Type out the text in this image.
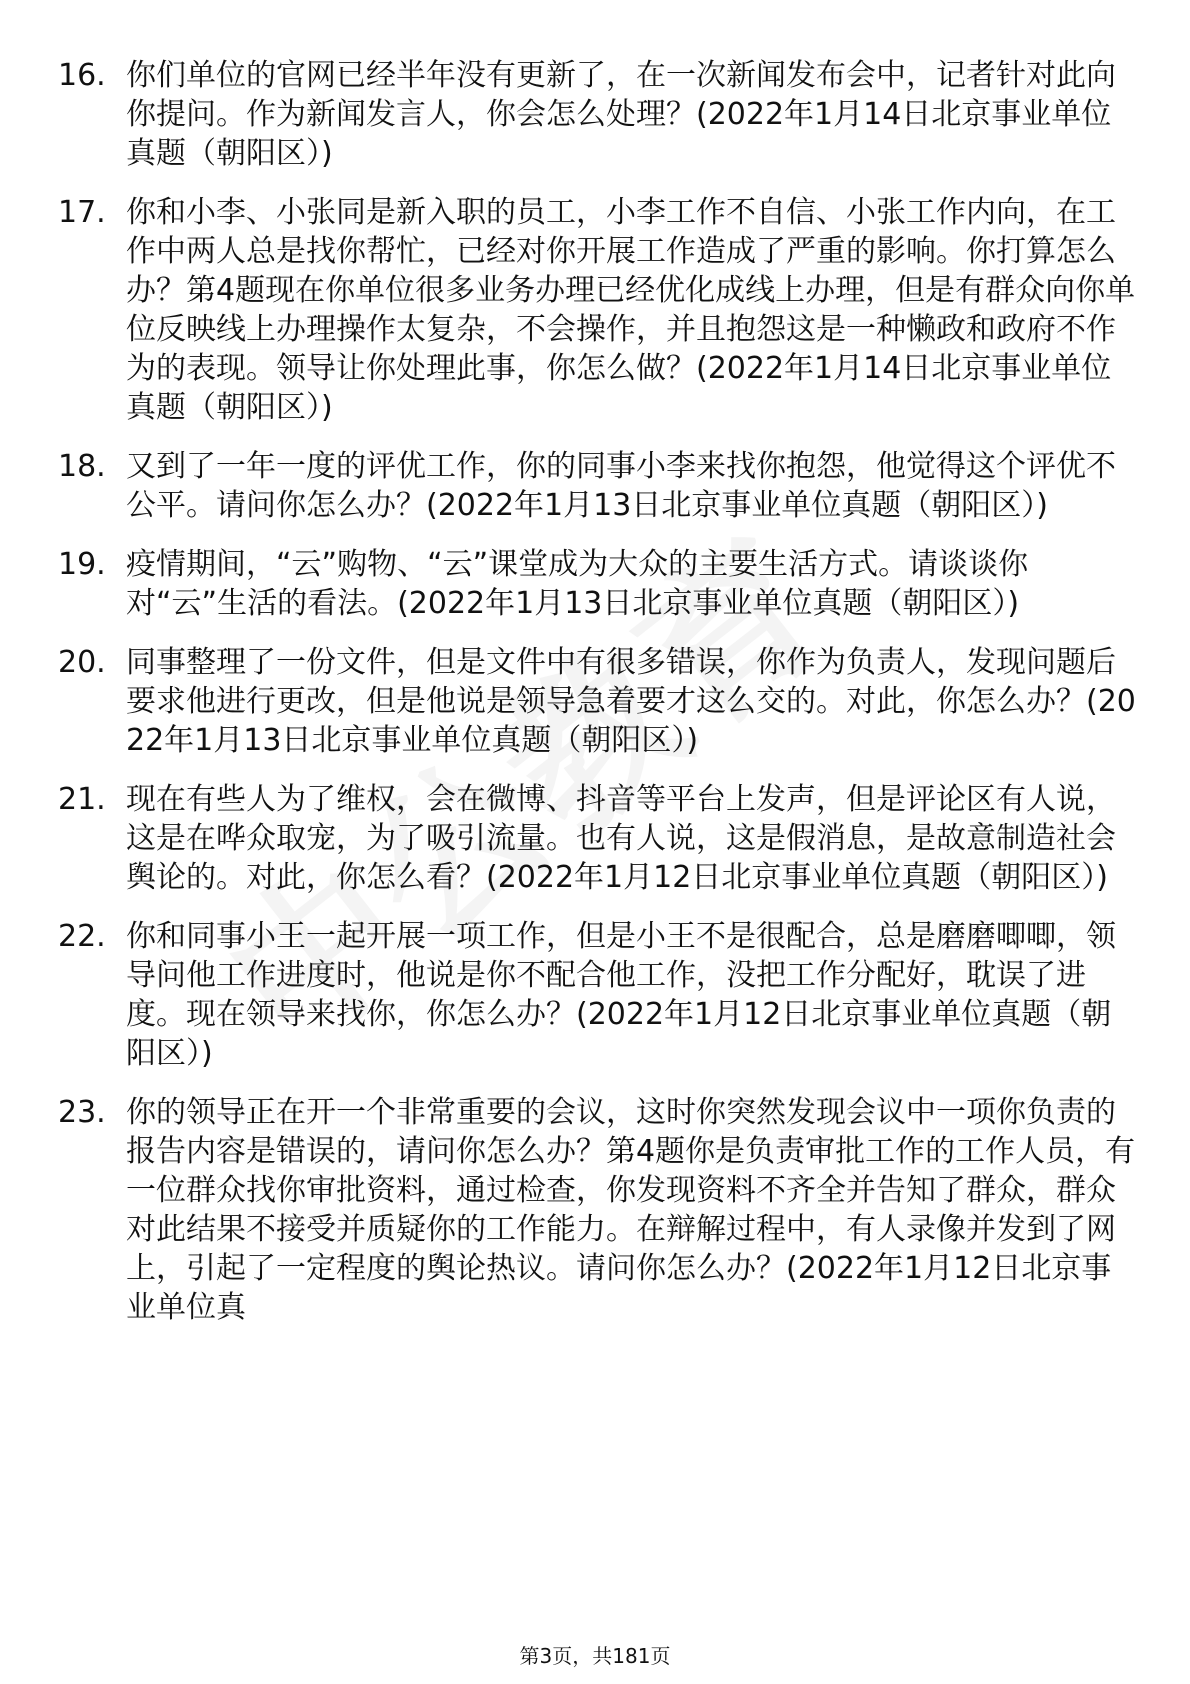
16. 你们单位的官网已经半年没有更新了，在一次新闻发布会中，记者针对此向你提问。作为新闻发言人，你会怎么处理？(2022年1月14日北京事业单位真题（朝阳区）)
17. 你和小李、小张同是新入职的员工，小李工作不自信、小张工作内向，在工作中两人总是找你帮忙，已经对你开展工作造成了严重的影响。你打算怎么办？第4题现在你单位很多业务办理已经优化成线上办理，但是有群众向你单位反映线上办理操作太复杂，不会操作，并且抱怨这是一种懒政和政府不作为的表现。领导让你处理此事，你怎么做？(2022年1月14日北京事业单位真题（朝阳区）)
18. 又到了一年一度的评优工作，你的同事小李来找你抱怨，他觉得这个评优不公平。请问你怎么办？(2022年1月13日北京事业单位真题（朝阳区）)
19. 疫情期间，“云”购物、“云”课堂成为大众的主要生活方式。请谈谈你对“云”生活的看法。(2022年1月13日北京事业单位真题（朝阳区）)
20. 同事整理了一份文件，但是文件中有很多错误，你作为负责人，发现问题后要求他进行更改，但是他说是领导急着要才这么交的。对此，你怎么办？(2022年1月13日北京事业单位真题（朝阳区）)
21. 现在有些人为了维权，会在微博、抖音等平台上发声，但是评论区有人说，这是在哗众取宠，为了吸引流量。也有人说，这是假消息，是故意制造社会舆论的。对此，你怎么看？(2022年1月12日北京事业单位真题（朝阳区）)
22. 你和同事小王一起开展一项工作，但是小王不是很配合，总是磨磨唧唧，领导问他工作进度时，他说是你不配合他工作，没把工作分配好，耽误了进度。现在领导来找你，你怎么办？(2022年1月12日北京事业单位真题（朝阳区）)
23. 你的领导正在开一个非常重要的会议，这时你突然发现会议中一项你负责的报告内容是错误的，请问你怎么办？第4题你是负责审批工作的工作人员，有一位群众找你审批资料，通过检查，你发现资料不齐全并告知了群众，群众对此结果不接受并质疑你的工作能力。在辩解过程中，有人录像并发到了网上，引起了一定程度的舆论热议。请问你怎么办？(2022年1月12日北京事业单位真
第3页，共181页
